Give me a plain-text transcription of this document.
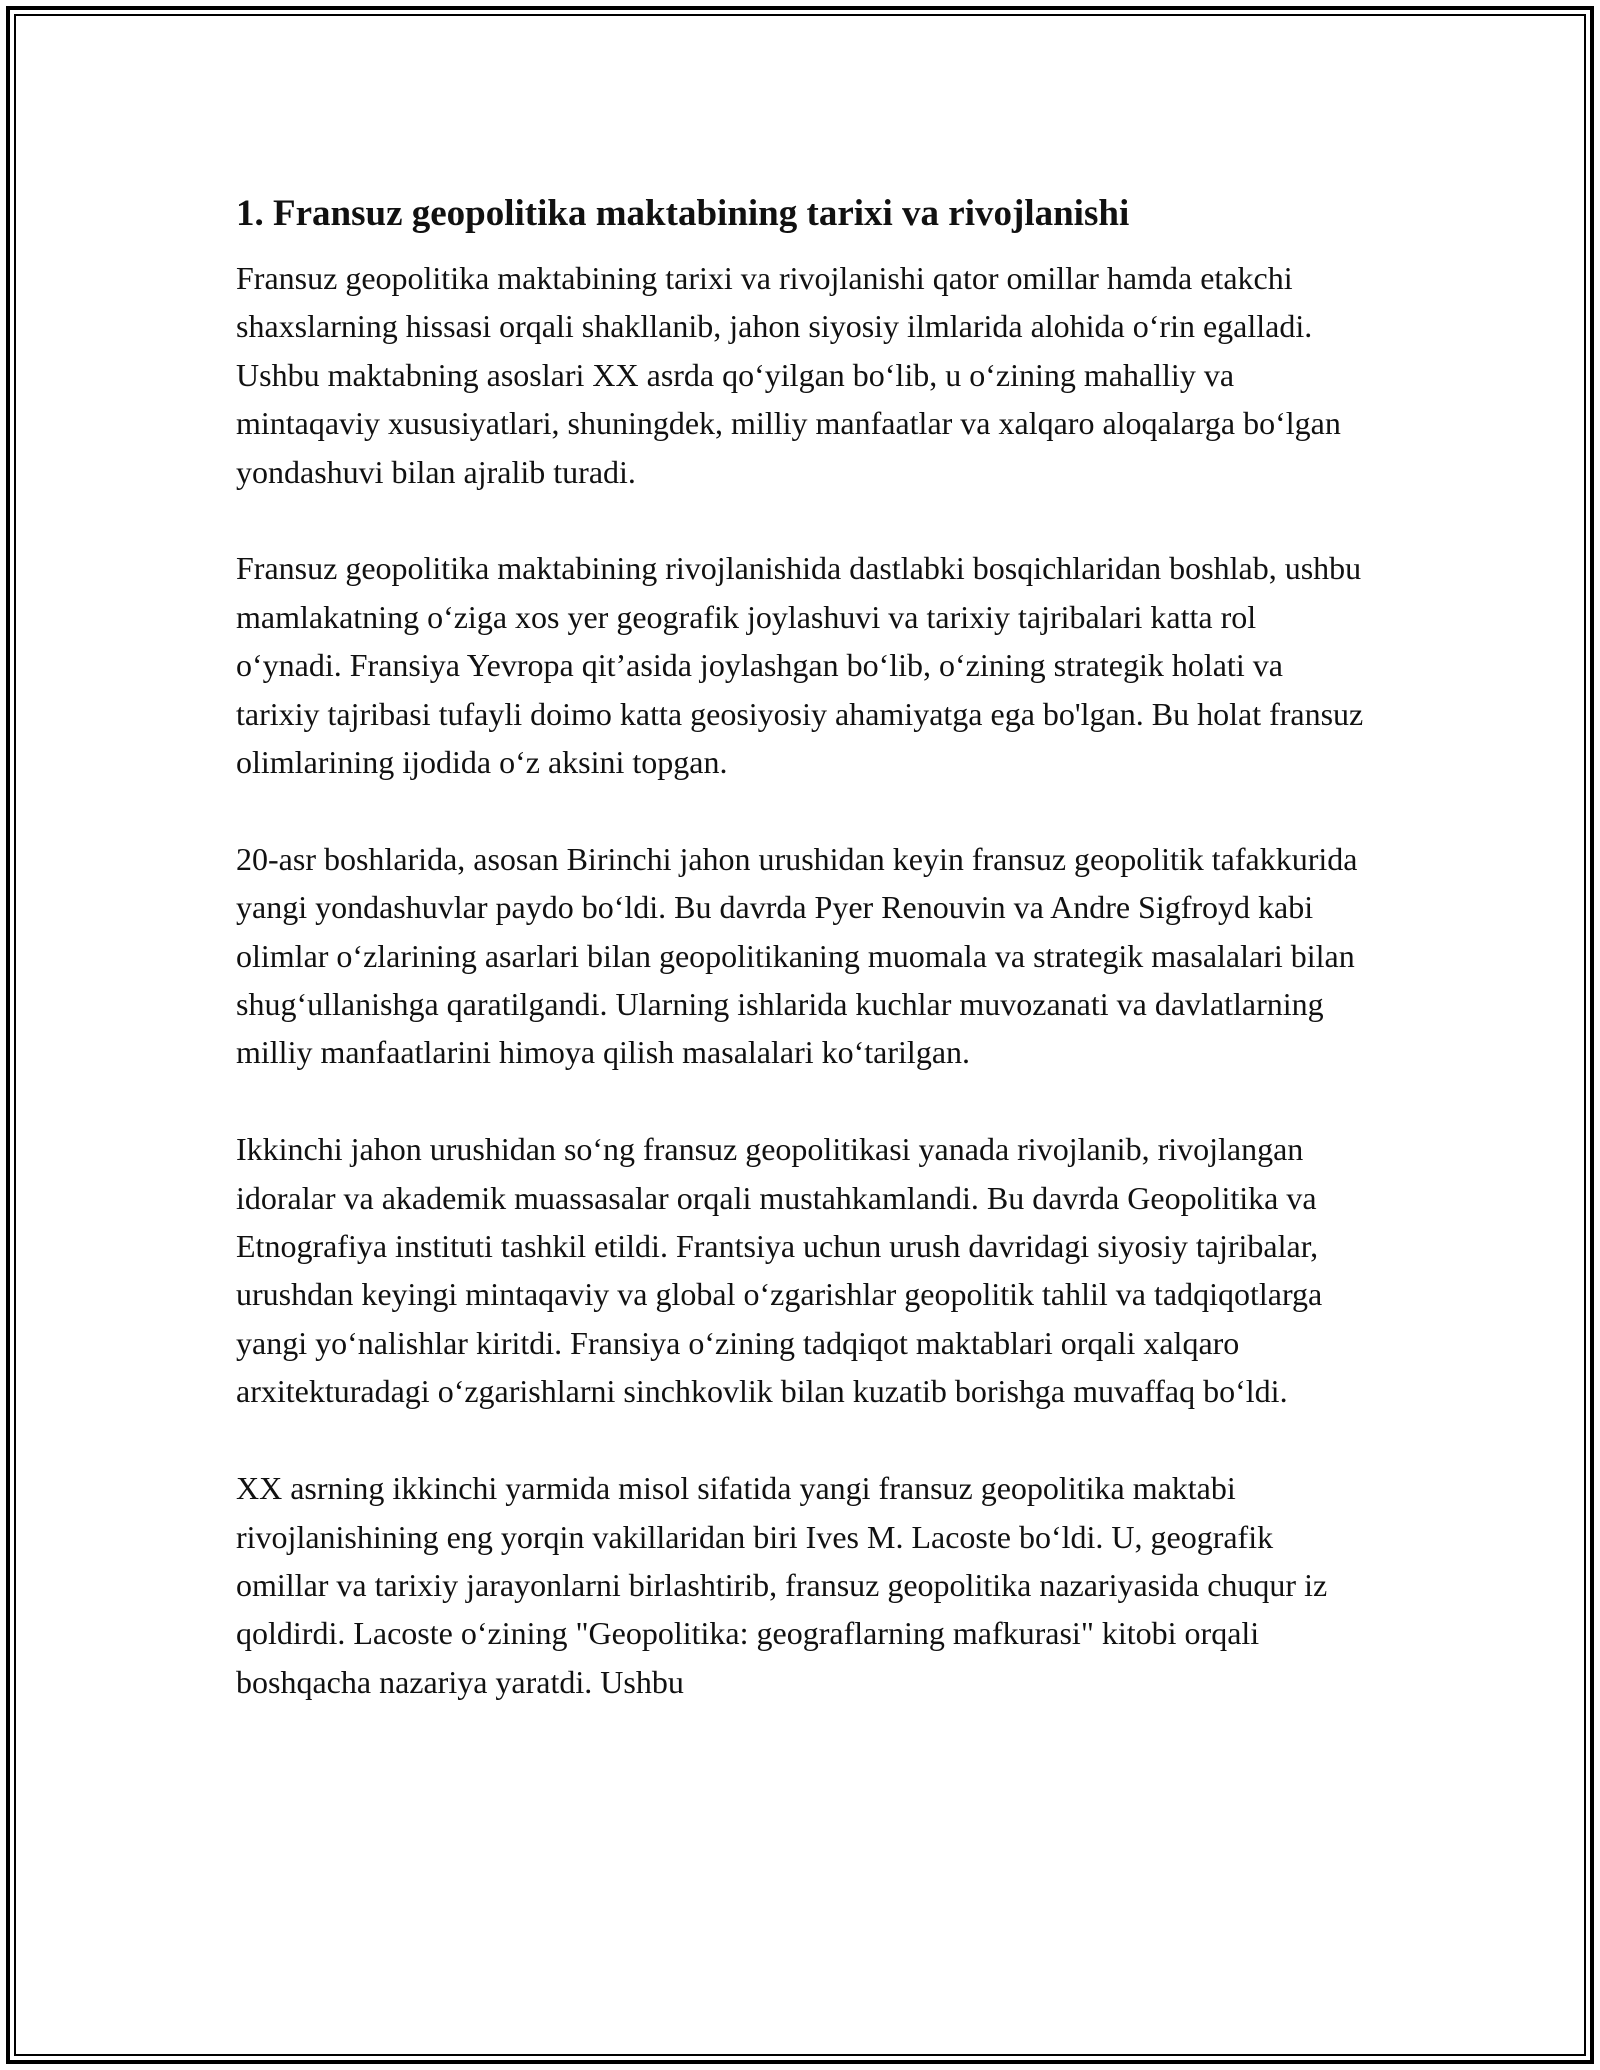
1. Fransuz geopolitika maktabining tarixi va rivojlanishi

Fransuz geopolitika maktabining tarixi va rivojlanishi qator omillar hamda etakchi shaxslarning hissasi orqali shakllanib, jahon siyosiy ilmlarida alohida o‘rin egalladi. Ushbu maktabning asoslari XX asrda qo‘yilgan bo‘lib, u o‘zining mahalliy va mintaqaviy xususiyatlari, shuningdek, milliy manfaatlar va xalqaro aloqalarga bo‘lgan yondashuvi bilan ajralib turadi.

Fransuz geopolitika maktabining rivojlanishida dastlabki bosqichlaridan boshlab, ushbu mamlakatning o‘ziga xos yer geografik joylashuvi va tarixiy tajribalari katta rol o‘ynadi. Fransiya Yevropa qit’asida joylashgan bo‘lib, o‘zining strategik holati va tarixiy tajribasi tufayli doimo katta geosiyosiy ahamiyatga ega bo'lgan. Bu holat fransuz olimlarining ijodida o‘z aksini topgan.

20-asr boshlarida, asosan Birinchi jahon urushidan keyin fransuz geopolitik tafakkurida yangi yondashuvlar paydo bo‘ldi. Bu davrda Pyer Renouvin va Andre Sigfroyd kabi olimlar o‘zlarining asarlari bilan geopolitikaning muomala va strategik masalalari bilan shug‘ullanishga qaratilgandi. Ularning ishlarida kuchlar muvozanati va davlatlarning milliy manfaatlarini himoya qilish masalalari ko‘tarilgan.

Ikkinchi jahon urushidan so‘ng fransuz geopolitikasi yanada rivojlanib, rivojlangan idoralar va akademik muassasalar orqali mustahkamlandi. Bu davrda Geopolitika va Etnografiya instituti tashkil etildi. Frantsiya uchun urush davridagi siyosiy tajribalar, urushdan keyingi mintaqaviy va global o‘zgarishlar geopolitik tahlil va tadqiqotlarga yangi yo‘nalishlar kiritdi. Fransiya o‘zining tadqiqot maktablari orqali xalqaro arxitekturadagi o‘zgarishlarni sinchkovlik bilan kuzatib borishga muvaffaq bo‘ldi.

XX asrning ikkinchi yarmida misol sifatida yangi fransuz geopolitika maktabi rivojlanishining eng yorqin vakillaridan biri Ives M. Lacoste bo‘ldi. U, geografik omillar va tarixiy jarayonlarni birlashtirib, fransuz geopolitika nazariyasida chuqur iz qoldirdi. Lacoste o‘zining "Geopolitika: geograflarning mafkurasi" kitobi orqali boshqacha nazariya yaratdi. Ushbu
